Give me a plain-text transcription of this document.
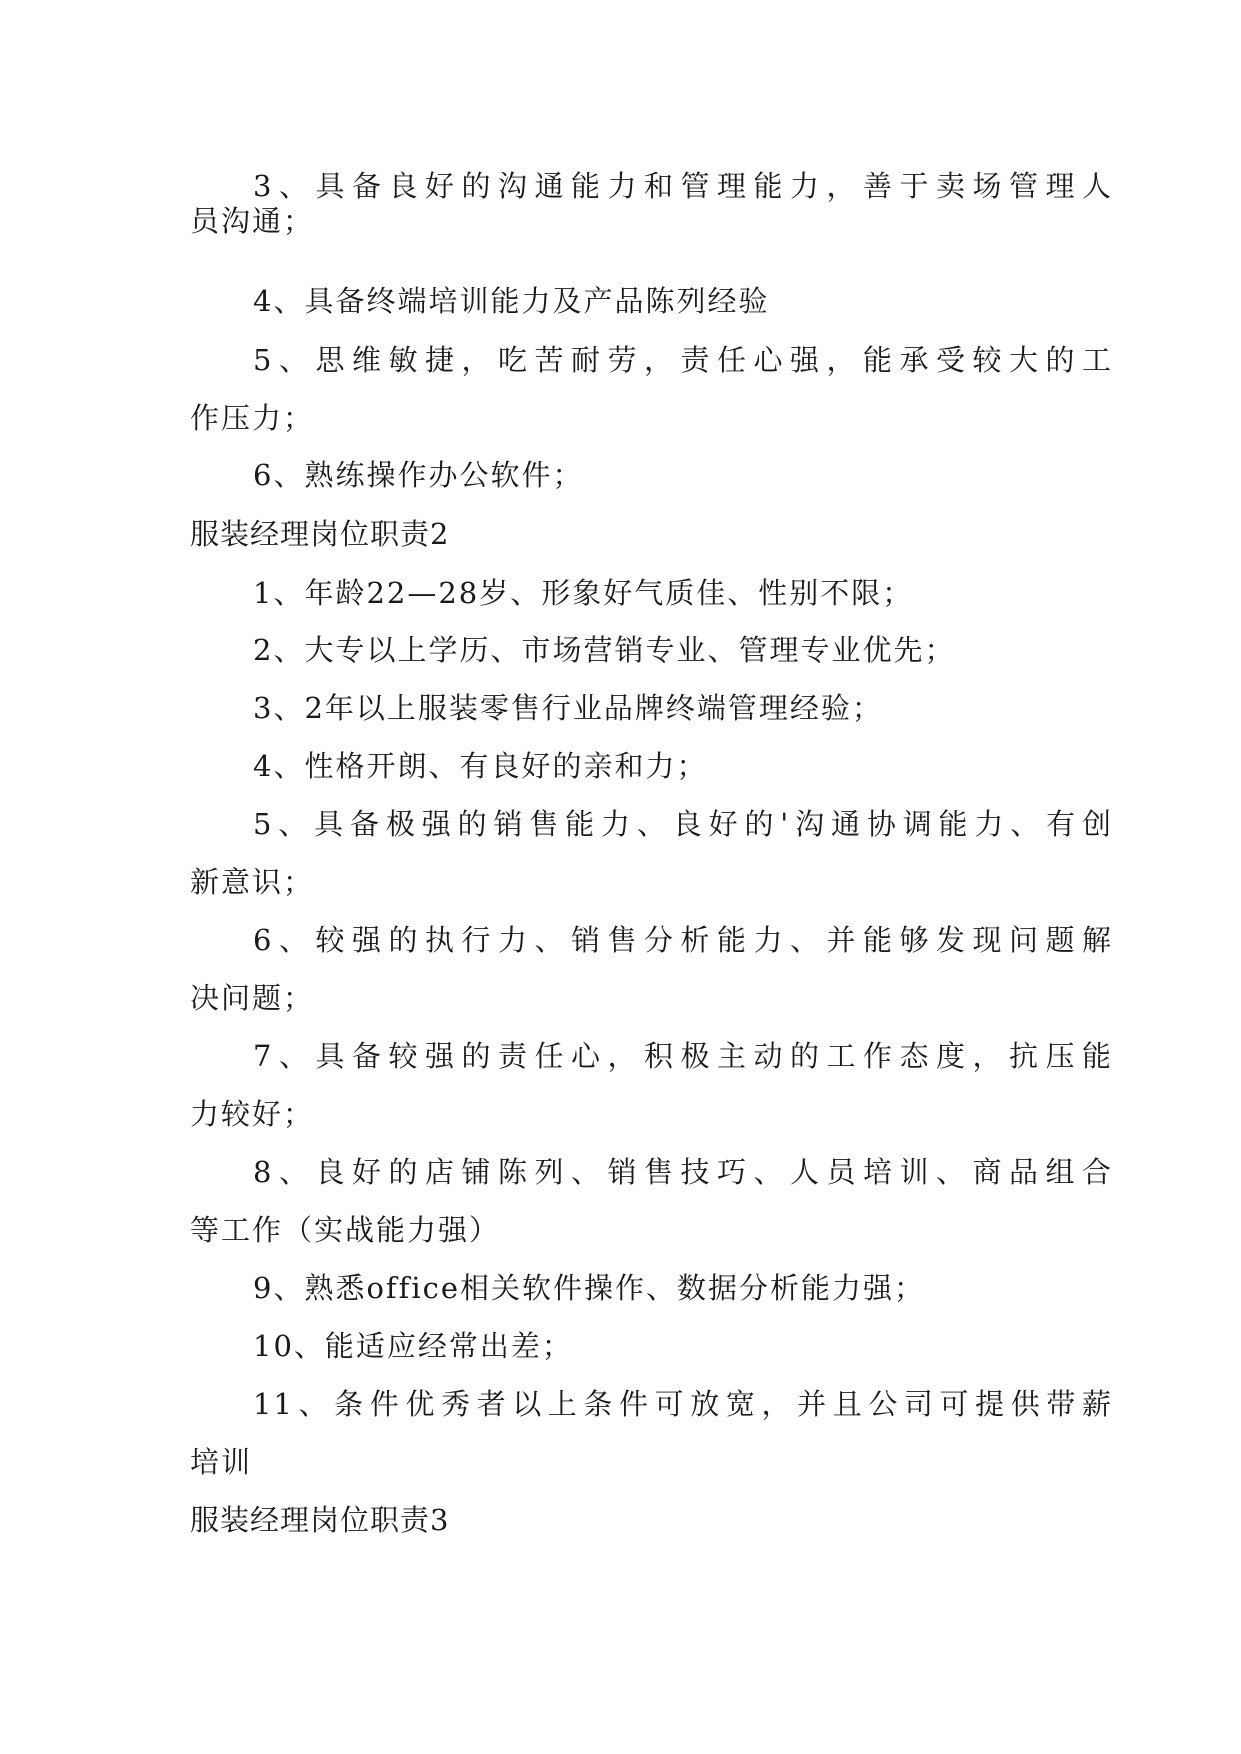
3、具备良好的沟通能力和管理能力，善于卖场管理人
员沟通；
4、具备终端培训能力及产品陈列经验
5、思维敏捷，吃苦耐劳，责任心强，能承受较大的工
作压力；
6、熟练操作办公软件；
服装经理岗位职责2
1、年龄22—28岁、形象好气质佳、性别不限；
2、大专以上学历、市场营销专业、管理专业优先；
3、2年以上服装零售行业品牌终端管理经验；
4、性格开朗、有良好的亲和力；
5、具备极强的销售能力、良好的'沟通协调能力、有创
新意识；
6、较强的执行力、销售分析能力、并能够发现问题解
决问题；
7、具备较强的责任心，积极主动的工作态度，抗压能
力较好；
8、良好的店铺陈列、销售技巧、人员培训、商品组合
等工作（实战能力强）
9、熟悉office相关软件操作、数据分析能力强；
10、能适应经常出差；
11、条件优秀者以上条件可放宽，并且公司可提供带薪
培训
服装经理岗位职责3
